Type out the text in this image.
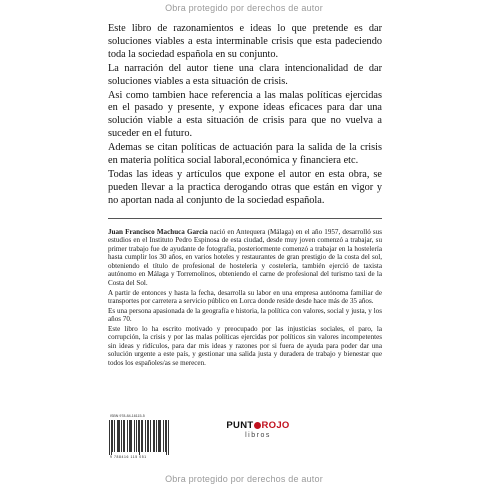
Obra protegido por derechos de autor

Este libro de razonamientos e ideas lo que pretende es dar soluciones viables a esta interminable crisis que esta padeciendo toda la sociedad española en su conjunto.

La narración del autor tiene una clara intencionalidad de dar soluciones viables a esta situación de crisis.

Asi como tambien hace referencia a las malas políticas ejercidas en el pasado y presente, y expone ideas eficaces para dar una solución viable a esta situación de crisis para que no vuelva a suceder en el futuro.

Ademas se citan políticas de actuación para la salida de la crisis en materia política social laboral,económica y financiera etc.

Todas las ideas y artículos que expone el autor en esta obra, se pueden llevar a la practica derogando otras que están en vigor y no aportan nada al conjunto de la sociedad española.

Juan Francisco Machuca García nació en Antequera (Málaga) en el año 1957, desarrolló sus estudios en el Instituto Pedro Espinosa de esta ciudad, desde muy joven comenzó a trabajar, su primer trabajo fue de ayudante de fotografía, posteriormente comenzó a trabajar en la hostelería hasta cumplir los 30 años, en varios hoteles y restaurantes de gran prestigio de la costa del sol, obteniendo el título de profesional de hostelería y costelería, también ejerció de taxista autónomo en Málaga y Torremolinos, obteniendo el carne de profesional del turismo taxi de la Costa del Sol.

A partir de entonces y hasta la fecha, desarrolla su labor en una empresa autónoma familiar de transportes por carretera a servicio público en Lorca donde reside desde hace más de 35 años.

Es una persona apasionada de la geografía e historia, la política con valores, social y justa, y los años 70.

Este libro lo ha escrito motivado y preocupado por las injusticias sociales, el paro, la corrupción, la crisis y por las malas políticas ejercidas por políticos sin valores incompetentes sin ideas y ridículos, para dar mis ideas y razones por si fuera de ayuda para poder dar una solución urgente a este país, y gestionar una salida justa y duradera de trabajo y bienestar que todos los españoles/as se merecen.

ISBN 978-84-16115-5
9 788416 115 051
PUNT ROJO
libros
Obra protegido por derechos de autor
